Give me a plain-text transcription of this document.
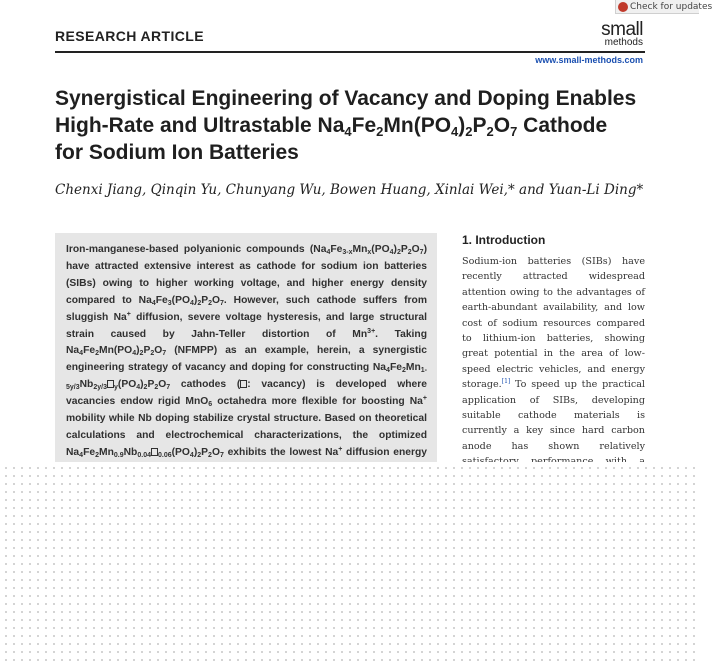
Check for updates
RESEARCH ARTICLE	small
methods
www.small-methods.com
Synergistical Engineering of Vacancy and Doping Enables
High-Rate and Ultrastable $Na_4Fe_2Mn(PO_4)_2P_2O_7$ Cathode
for Sodium Ion Batteries
Chenxi Jiang, Qinqin Yu, Chunyang Wu, Bowen Huang, Xinlai Wei,* and Yuan-Li Ding*

Iron-manganese-based polyanionic compounds $(Na_4Fe_{3-x}Mn_x(PO_4)_2P_2O_7)$ have attracted extensive interest as cathode for sodium ion batteries (SIBs) owing to higher working voltage, and higher energy density compared to $Na_4Fe_3(PO_4)_2P_2O_7$. However, such cathode suffers from sluggish Na+ diffusion, severe voltage hysteresis, and large structural strain caused by Jahn-Teller distortion of $Mn^{3+}$. Taking $Na_4Fe_2Mn(PO_4)_2P_2O_7$ (NFMPP) as an example, herein, a synergistic engineering strategy of vacancy and doping for constructing $Na_4Fe_2Mn_{1-5y/3}Nb_{2y/3}$ $_y(PO_4)_2P_2O_7$ cathodes ( : vacancy) is developed where vacancies endow rigid MnO$_6$ octahedra more flexible for boosting Na+ mobility while Nb doping stabilize crystal structure. Based on theoretical calculations and electrochemical characterizations, the optimized $Na_4Fe_2Mn_{0.9}Nb_{0.04}$ $_{0.06}(PO_4)_2P_2O_7$ exhibits the lowest Na+ diffusion energy

1. Introduction

Sodium-ion batteries (SIBs) have recently attracted widespread attention owing to the advantages of earth-abundant availability, and low cost of sodium resources compared to lithium-ion batteries, showing great potential in the area of low-speed electric vehicles, and energy storage.[1] To speed up the practical application of SIBs, developing suitable cathode materials is currently a key since hard carbon anode has shown relatively
